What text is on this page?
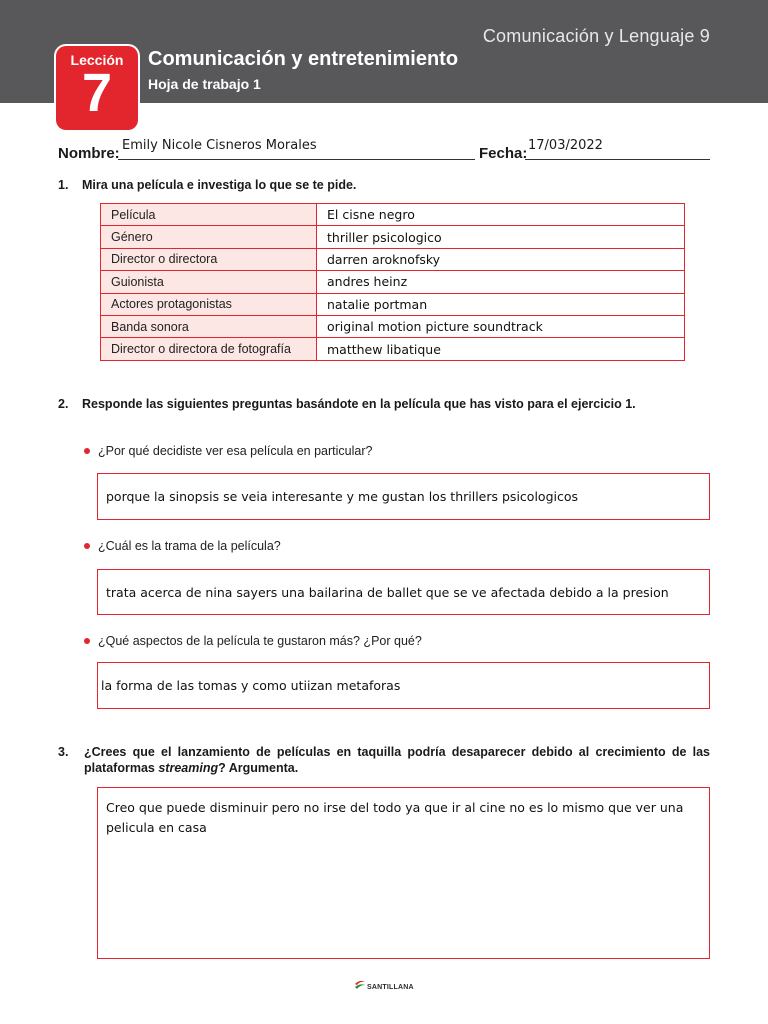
Comunicación y Lenguaje 9
Comunicación y entretenimiento
Hoja de trabajo 1
Lección
7
Nombre: Emily Nicole Cisneros Morales	Fecha: 17/03/2022
1. Mira una película e investiga lo que se te pide.
Película	El cisne negro
Género	thriller psicologico
Director o directora	darren aroknofsky
Guionista	andres heinz
Actores protagonistas	natalie portman
Banda sonora	original motion picture soundtrack
Director o directora de fotografía	matthew libatique
2. Responde las siguientes preguntas basándote en la película que has visto para el ejercicio 1.
¿Por qué decidiste ver esa película en particular?
porque la sinopsis se veia interesante y me gustan los thrillers psicologicos
¿Cuál es la trama de la película?
trata acerca de nina sayers una bailarina de ballet que se ve afectada debido a la presion
¿Qué aspectos de la película te gustaron más? ¿Por qué?
la forma de las tomas y como utiizan metaforas
3. ¿Crees que el lanzamiento de películas en taquilla podría desaparecer debido al crecimiento de las plataformas streaming? Argumenta.
Creo que puede disminuir pero no irse del todo ya que ir al cine no es lo mismo que ver una pelicula en casa
SANTILLANA
